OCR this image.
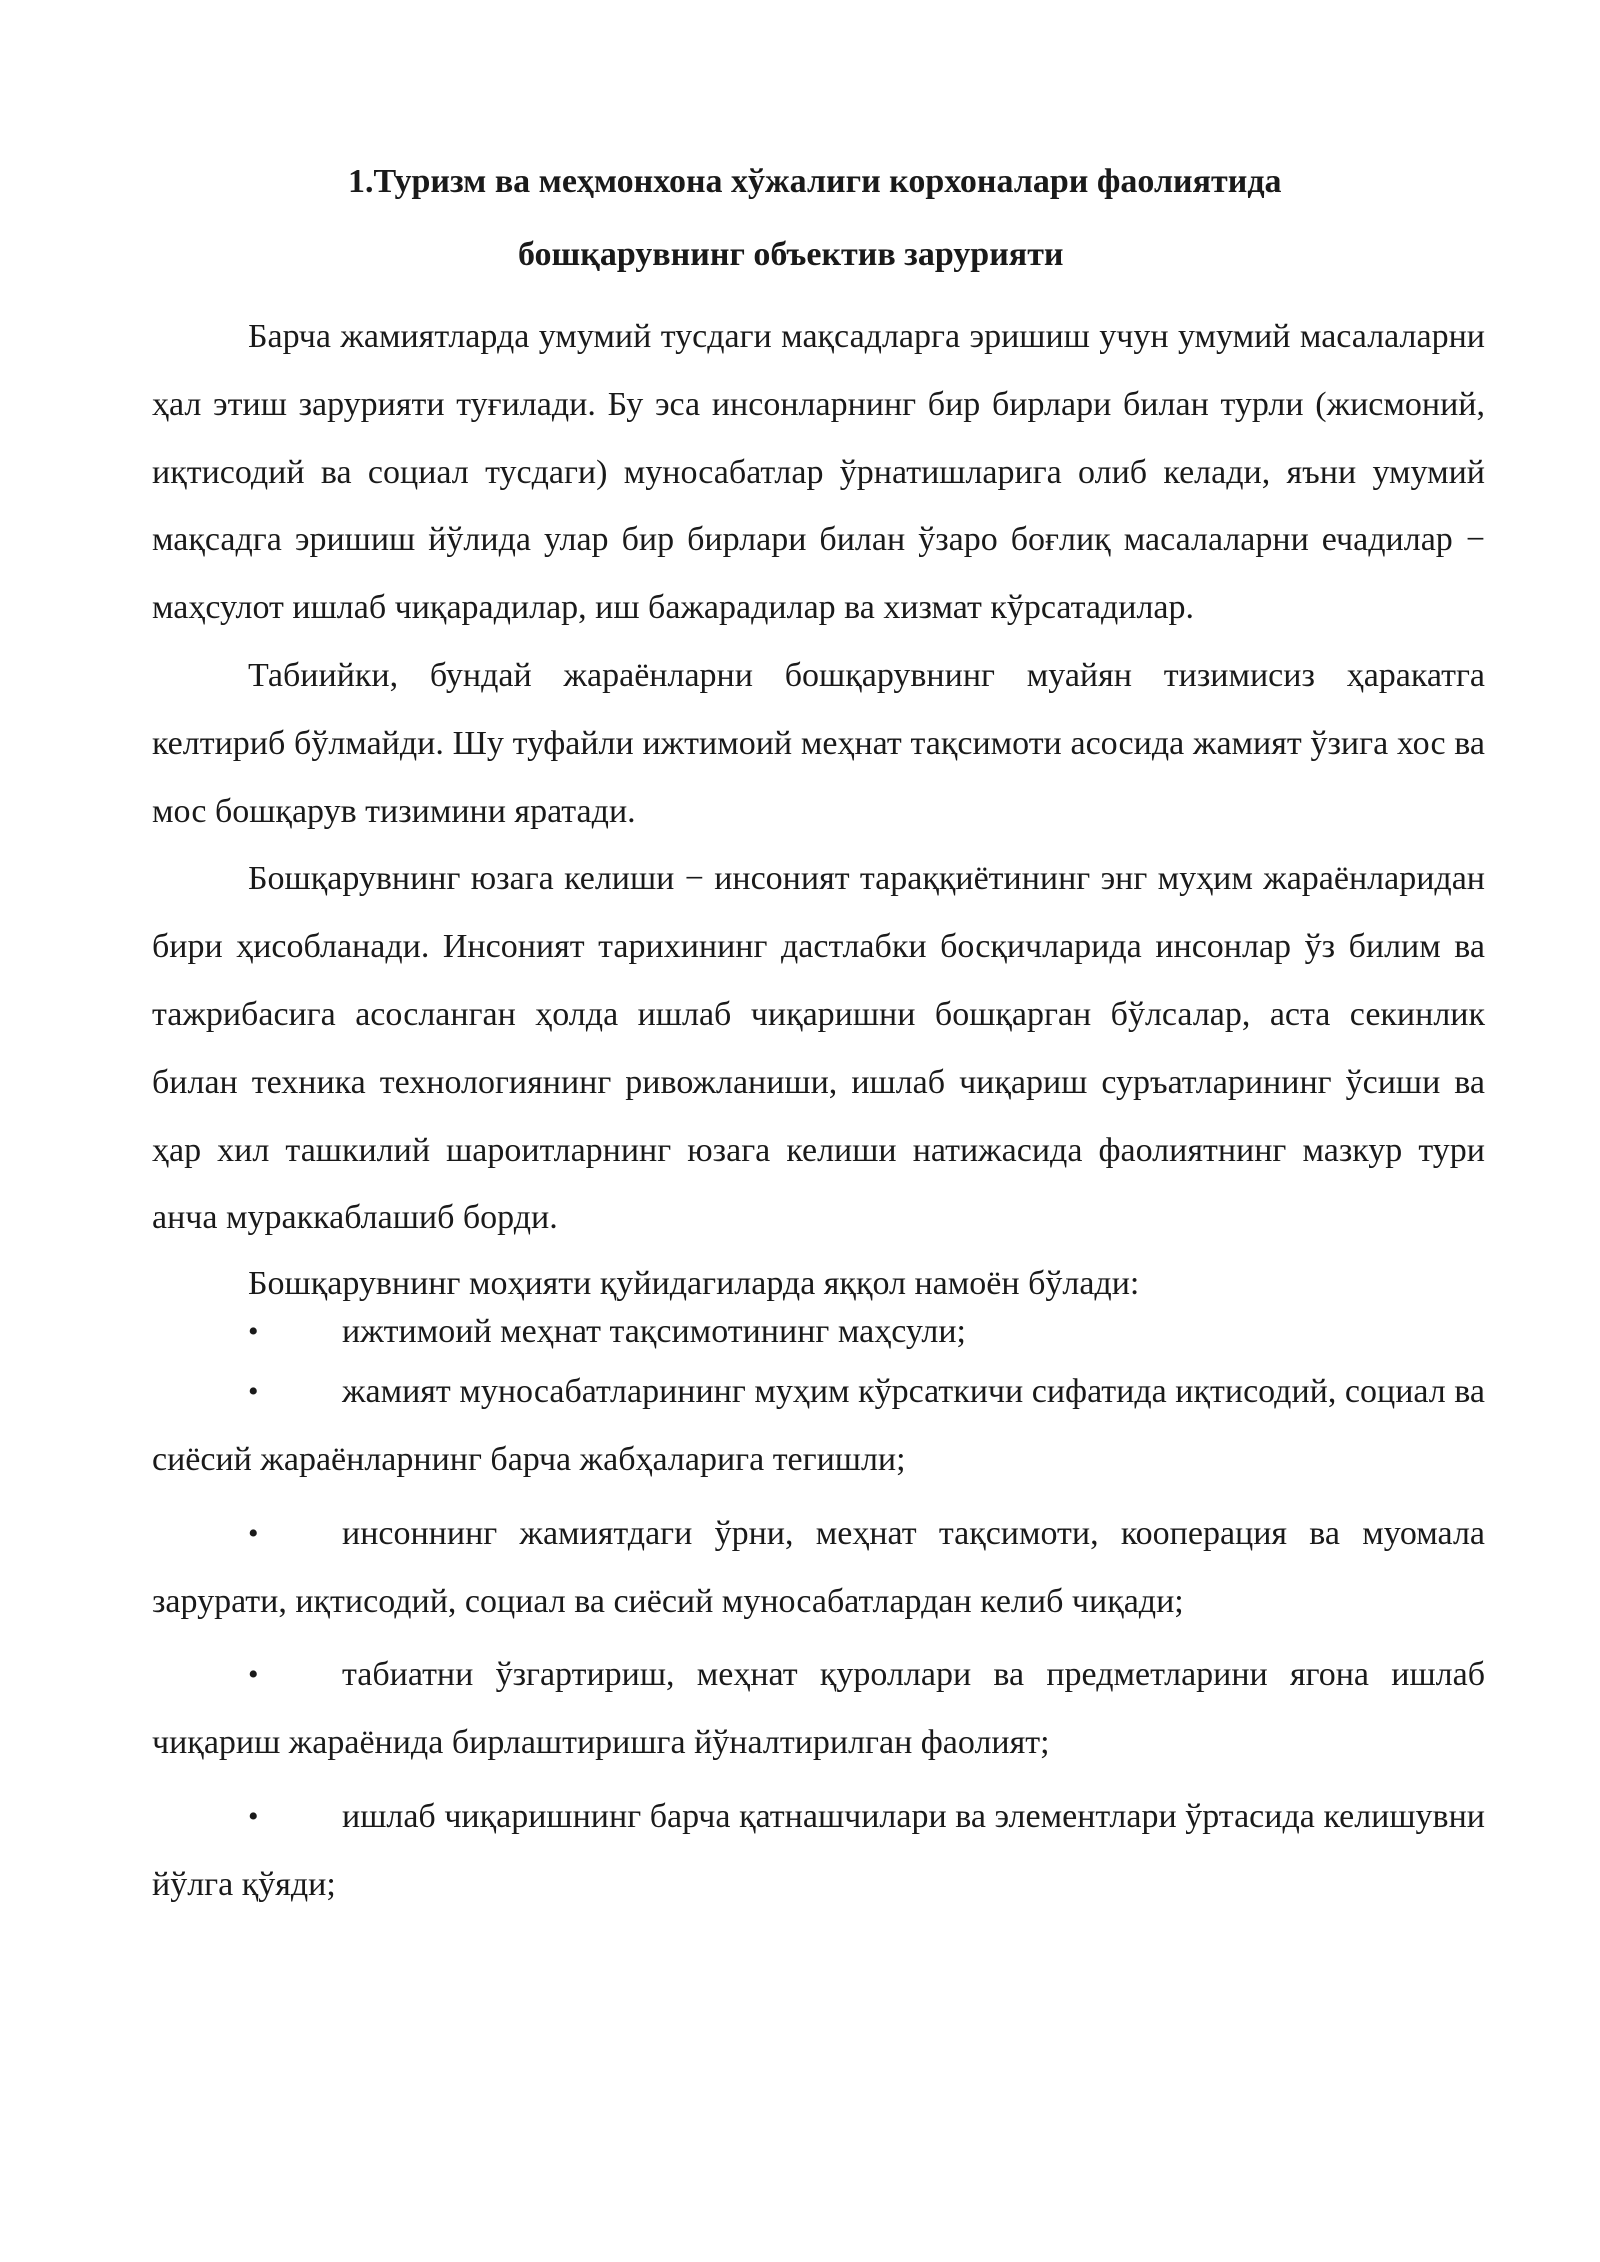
1.Туризм ва меҳмонхона хўжалиги корхоналари фаолиятида
бошқарувнинг объектив зарурияти

Барча жамиятларда умумий тусдаги мақсадларга эришиш учун умумий масалаларни ҳал этиш зарурияти туғилади. Бу эса инсонларнинг бир бирлари билан турли (жисмоний, иқтисодий ва социал тусдаги) муносабатлар ўрнатишларига олиб келади, яъни умумий мақсадга эришиш йўлида улар бир бирлари билан ўзаро боғлиқ масалаларни ечадилар − маҳсулот ишлаб чиқарадилар, иш бажарадилар ва хизмат кўрсатадилар.

Табиийки, бундай жараёнларни бошқарувнинг муайян тизимисиз ҳаракатга келтириб бўлмайди. Шу туфайли ижтимоий меҳнат тақсимоти асосида жамият ўзига хос ва мос бошқарув тизимини яратади.

Бошқарувнинг юзага келиши − инсоният тараққиётининг энг муҳим жараёнларидан бири ҳисобланади. Инсоният тарихининг дастлабки босқичларида инсонлар ўз билим ва тажрибасига асосланган ҳолда ишлаб чиқаришни бошқарган бўлсалар, аста секинлик билан техника технологиянинг ривожланиши, ишлаб чиқариш суръатларининг ўсиши ва ҳар хил ташкилий шароитларнинг юзага келиши натижасида фаолиятнинг мазкур тури анча мураккаблашиб борди.

Бошқарувнинг моҳияти қуйидагиларда яққол намоён бўлади:

• ижтимоий меҳнат тақсимотининг маҳсули;
• жамият муносабатларининг муҳим кўрсаткичи сифатида иқтисодий, социал ва сиёсий жараёнларнинг барча жабҳаларига тегишли;
• инсоннинг жамиятдаги ўрни, меҳнат тақсимоти, кооперация ва муомала зарурати, иқтисодий, социал ва сиёсий муносабатлардан келиб чиқади;
• табиатни ўзгартириш, меҳнат қуроллари ва предметларини ягона ишлаб чиқариш жараёнида бирлаштиришга йўналтирилган фаолият;
• ишлаб чиқаришнинг барча қатнашчилари ва элементлари ўртасида келишувни йўлга қўяди;
